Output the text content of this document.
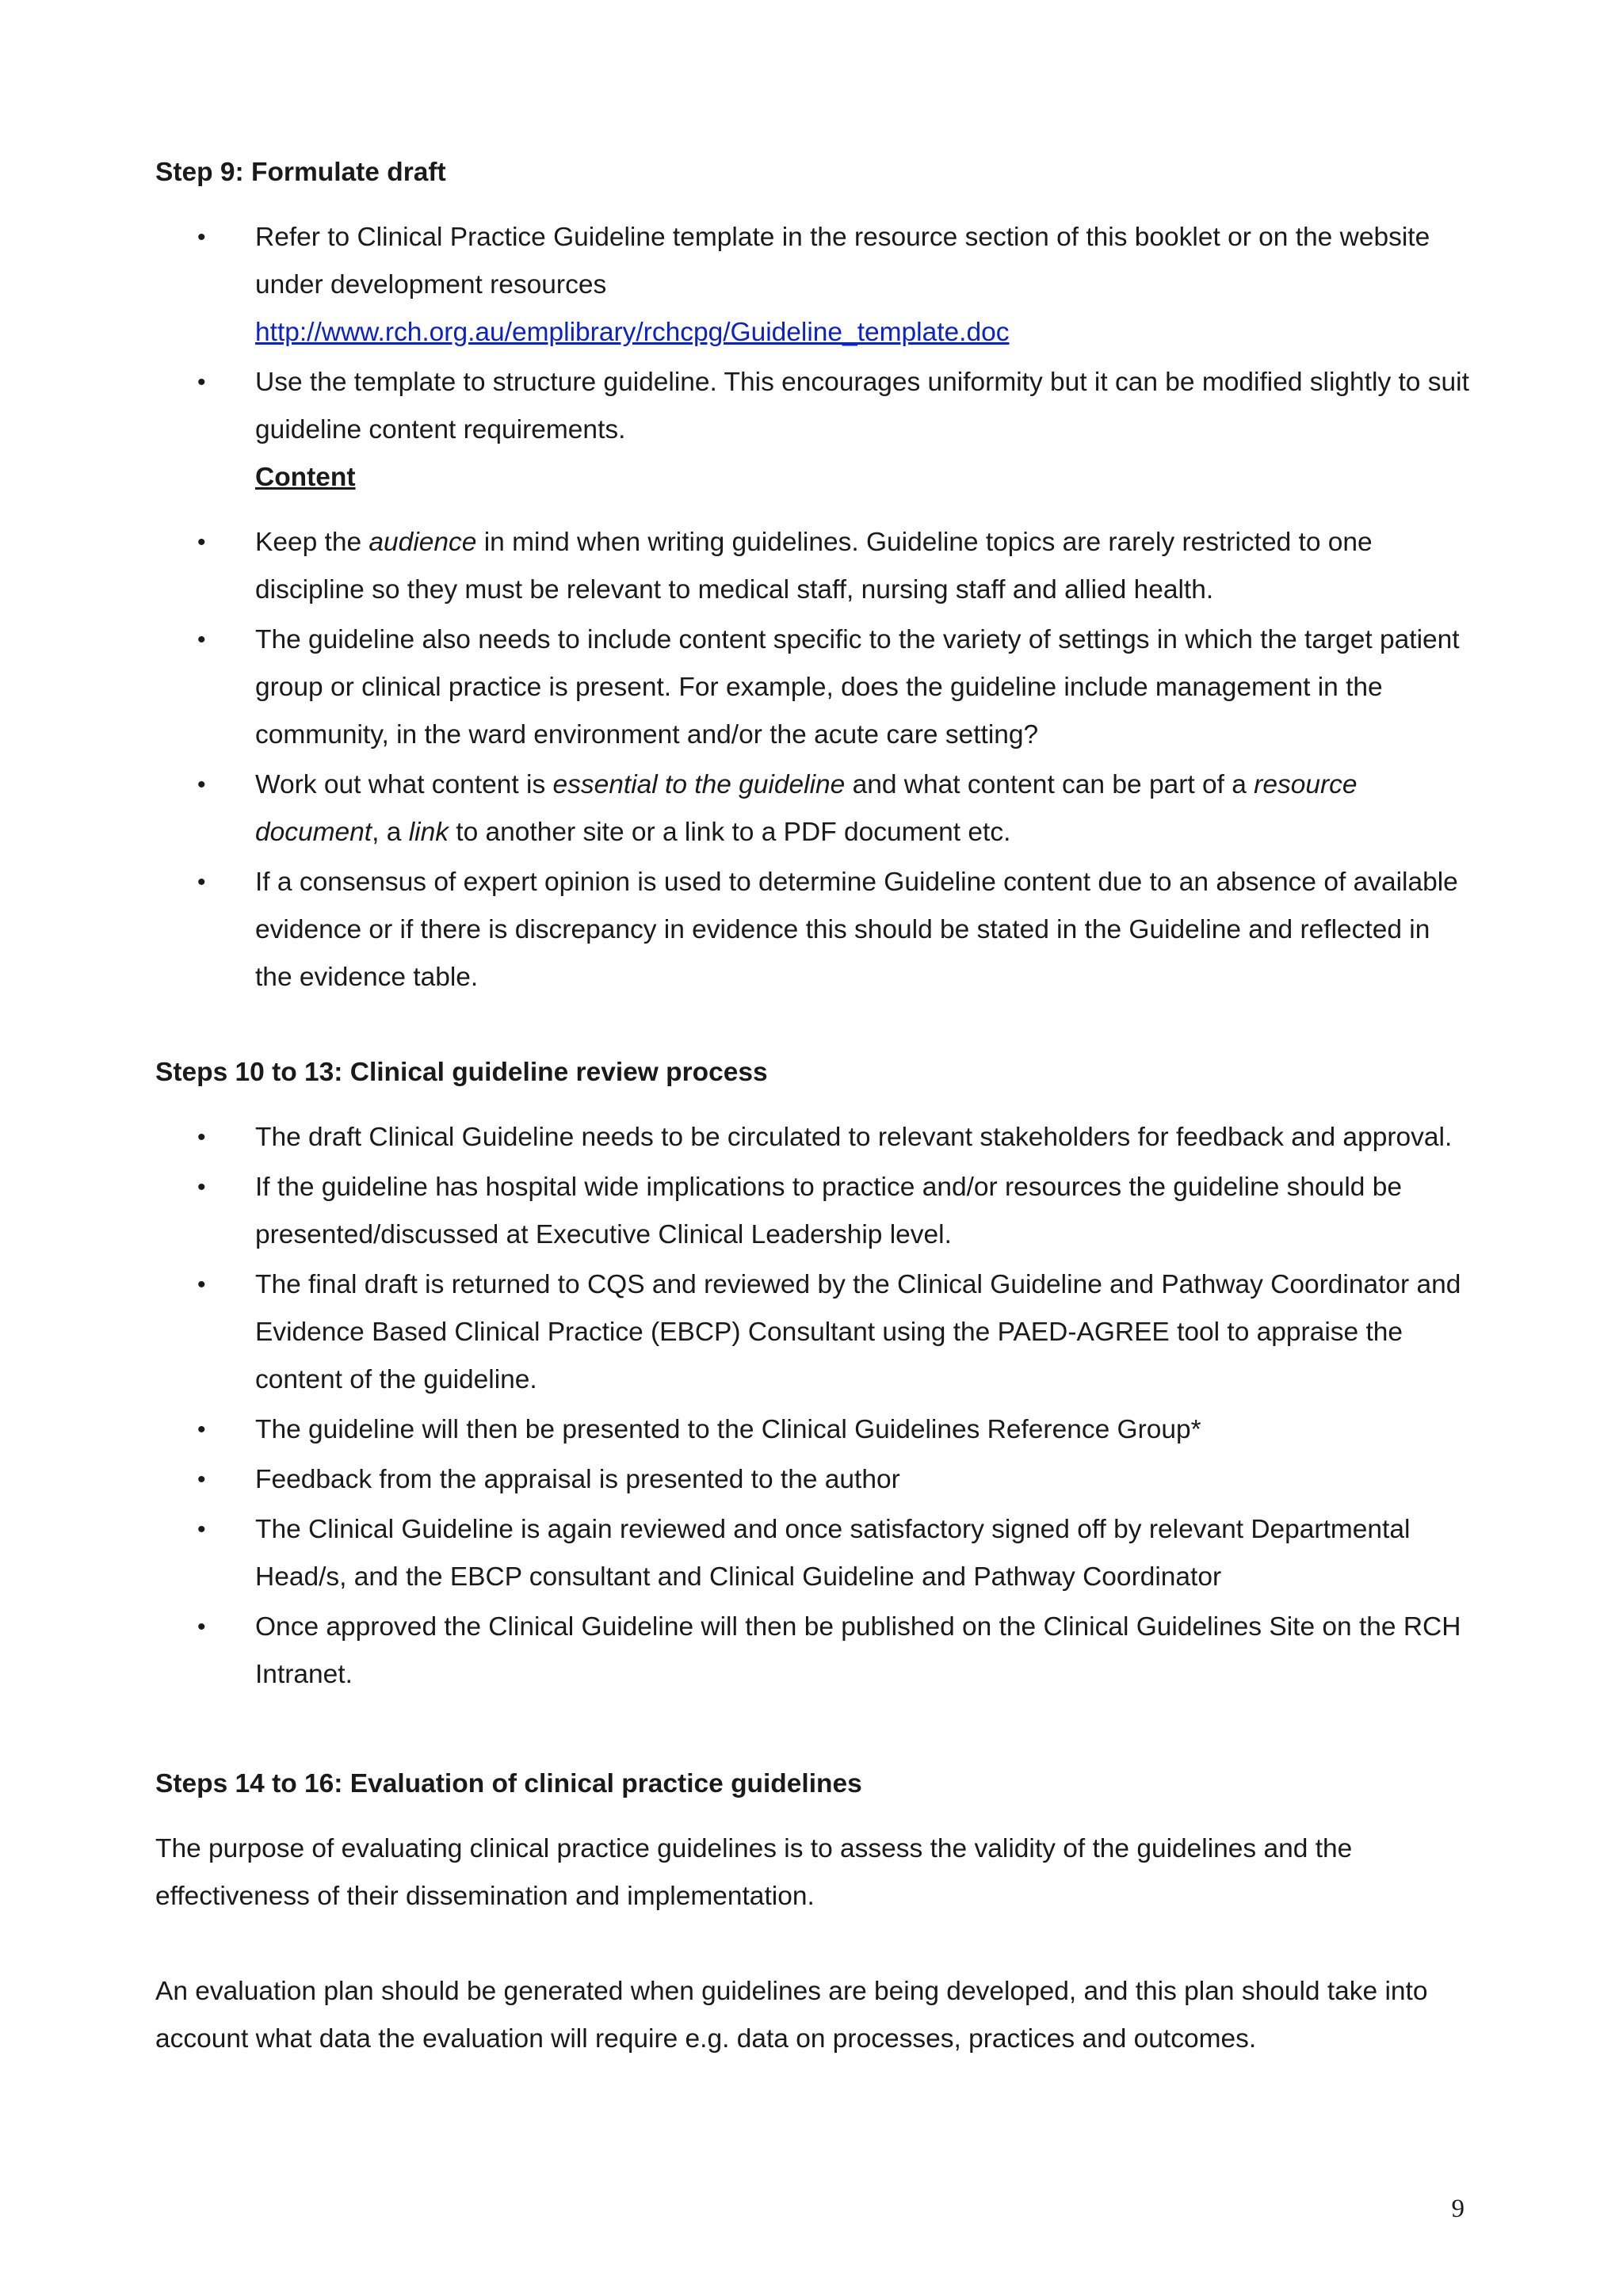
Step 9: Formulate draft

• Refer to Clinical Practice Guideline template in the resource section of this booklet or on the website under development resources
http://www.rch.org.au/emplibrary/rchcpg/Guideline_template.doc
• Use the template to structure guideline. This encourages uniformity but it can be modified slightly to suit guideline content requirements.
Content
• Keep the audience in mind when writing guidelines. Guideline topics are rarely restricted to one discipline so they must be relevant to medical staff, nursing staff and allied health.
• The guideline also needs to include content specific to the variety of settings in which the target patient group or clinical practice is present. For example, does the guideline include management in the community, in the ward environment and/or the acute care setting?
• Work out what content is essential to the guideline and what content can be part of a resource document, a link to another site or a link to a PDF document etc.
• If a consensus of expert opinion is used to determine Guideline content due to an absence of available evidence or if there is discrepancy in evidence this should be stated in the Guideline and reflected in the evidence table.

Steps 10 to 13: Clinical guideline review process

• The draft Clinical Guideline needs to be circulated to relevant stakeholders for feedback and approval.
• If the guideline has hospital wide implications to practice and/or resources the guideline should be presented/discussed at Executive Clinical Leadership level.
• The final draft is returned to CQS and reviewed by the Clinical Guideline and Pathway Coordinator and Evidence Based Clinical Practice (EBCP) Consultant using the PAED-AGREE tool to appraise the content of the guideline.
• The guideline will then be presented to the Clinical Guidelines Reference Group*
• Feedback from the appraisal is presented to the author
• The Clinical Guideline is again reviewed and once satisfactory signed off by relevant Departmental Head/s, and the EBCP consultant and Clinical Guideline and Pathway Coordinator
• Once approved the Clinical Guideline will then be published on the Clinical Guidelines Site on the RCH Intranet.

Steps 14 to 16: Evaluation of clinical practice guidelines

The purpose of evaluating clinical practice guidelines is to assess the validity of the guidelines and the effectiveness of their dissemination and implementation.

An evaluation plan should be generated when guidelines are being developed, and this plan should take into account what data the evaluation will require e.g. data on processes, practices and outcomes.

9
